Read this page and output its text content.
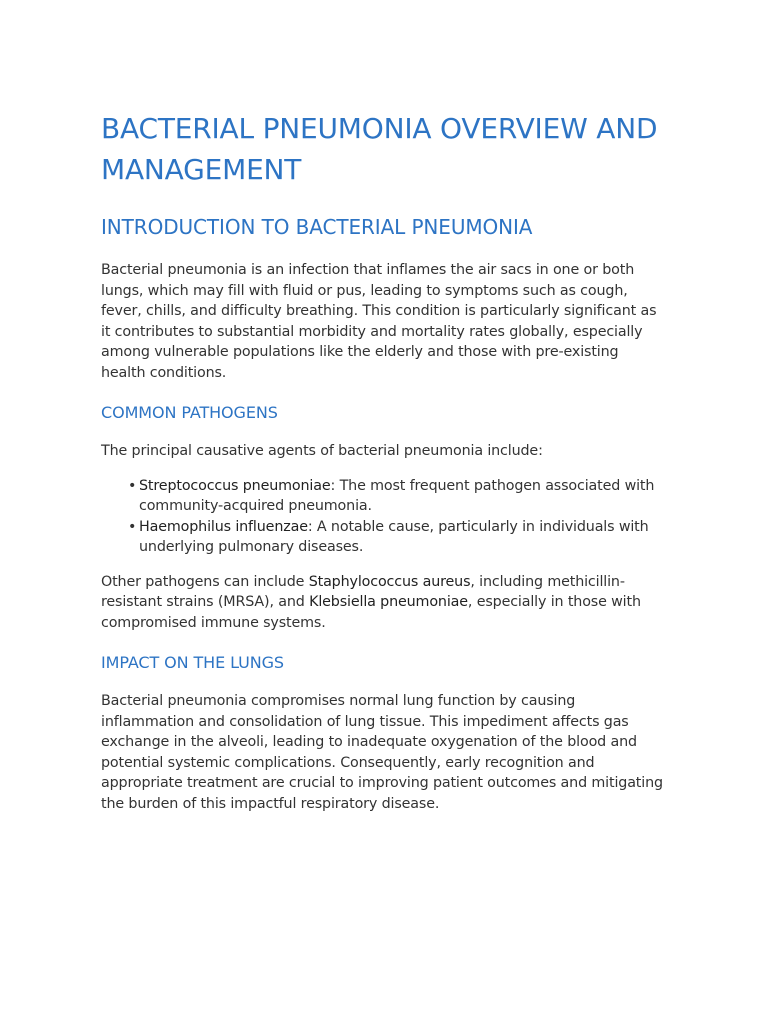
BACTERIAL PNEUMONIA OVERVIEW AND MANAGEMENT
INTRODUCTION TO BACTERIAL PNEUMONIA

Bacterial pneumonia is an infection that inflames the air sacs in one or both lungs, which may fill with fluid or pus, leading to symptoms such as cough, fever, chills, and difficulty breathing. This condition is particularly significant as it contributes to substantial morbidity and mortality rates globally, especially among vulnerable populations like the elderly and those with pre-existing health conditions.

COMMON PATHOGENS

The principal causative agents of bacterial pneumonia include:

• Streptococcus pneumoniae: The most frequent pathogen associated with community-acquired pneumonia.
• Haemophilus influenzae: A notable cause, particularly in individuals with underlying pulmonary diseases.

Other pathogens can include Staphylococcus aureus, including methicillin-resistant strains (MRSA), and Klebsiella pneumoniae, especially in those with compromised immune systems.

IMPACT ON THE LUNGS

Bacterial pneumonia compromises normal lung function by causing inflammation and consolidation of lung tissue. This impediment affects gas exchange in the alveoli, leading to inadequate oxygenation of the blood and potential systemic complications. Consequently, early recognition and appropriate treatment are crucial to improving patient outcomes and mitigating the burden of this impactful respiratory disease.
